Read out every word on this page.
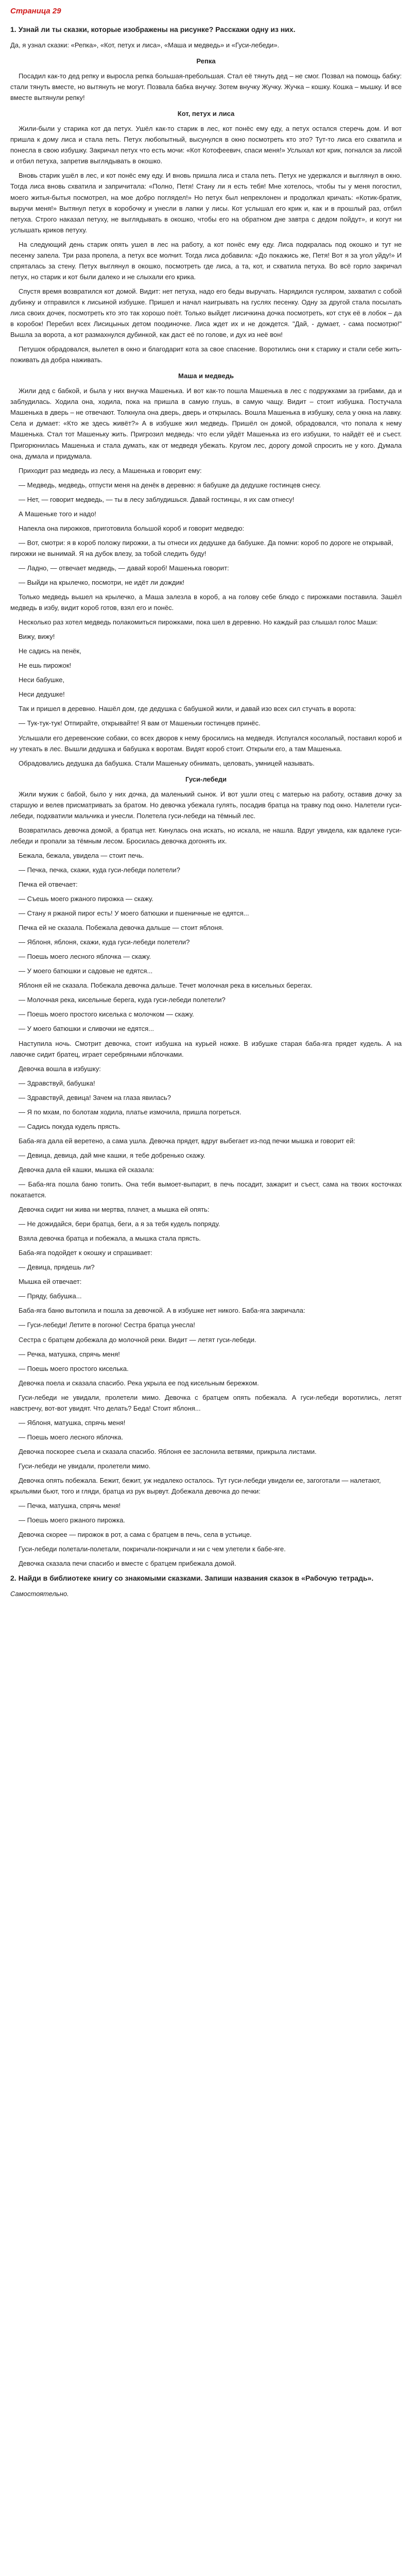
Страница 29
1. Узнай ли ты сказки, которые изображены на рисунке? Расскажи одну из них.
Да, я узнал сказки: «Репка», «Кот, петух и лиса», «Маша и медведь» и «Гуси-лебеди».
Репка

Посадил как-то дед репку и выросла репка большая-пребольшая. Стал её тянуть дед – не смог. Позвал на помощь бабку: стали тянуть вместе, но вытянуть не могут. Позвала бабка внучку. Зотем внучку Жучку. Жучка – кошку. Кошка – мышку. И все вместе вытянули репку!

Кот, петух и лиса

Жили-были у старика кот да петух. Ушёл как-то старик в лес, кот понёс ему еду, а петух остался стеречь дом. И вот пришла к дому лиса и стала петь. Петух любопытный, высунулся в окно посмотреть кто это? Тут-то лиса его схватила и понесла в свою избушку. Закричал петух что есть мочи: «Кот Котофеевич, спаси меня!» Услыхал кот крик, погнался за лисой и отбил петуха, запретив выглядывать в окошко.

Вновь старик ушёл в лес, и кот понёс ему еду. И вновь пришла лиса и стала петь. Петух не удержался и выглянул в окно. Тогда лиса вновь схватила и запричитала: «Полно, Петя! Стану ли я есть тебя! Мне хотелось, чтобы ты у меня погостил, моего житья-бытья посмотрел, на мое добро поглядел!» Но петух был непреклонен и продолжал кричать: «Котик-братик, выручи меня!» Вытянул петух в коробочку и унесли в лапки у лисы. Кот услышал его крик и, как и в прошлый раз, отбил петуха. Строго наказал петуху, не выглядывать в окошко, чтобы его на обратном дне завтра с дедом пойдут», и когут ни услышать криков петуху.

На следующий день старик опять ушел в лес на работу, а кот понёс ему еду. Лиса подкралась под окошко и тут не песенку запела. Три раза пропела, а петух все молчит. Тогда лиса добавила: «До покажись же, Петя! Вот я за угол уйду!» И спряталась за стену. Петух выглянул в окошко, посмотреть где лиса, а та, кот, и схватила петуха. Во всё горло закричал петух, но старик и кот были далеко и не слыхали его крика.

Спустя время возвратился кот домой. Видит: нет петуха, надо его беды выручать. Нарядился гусляром, захватил с собой дубинку и отправился к лисьиной избушке. Пришел и начал наигрывать на гуслях песенку. Одну за другой стала посылать лиса своих дочек, посмотреть кто это так хорошо поёт. Только выйдет лисичкина дочка посмотреть, кот стук её в лобок – да в коробок! Перебил всех Лисицыных детом поодиночке. Лиса ждет их и не дождется. "Дай, - думает, - сама посмотрю!" Вышла за ворота, а кот размахнулся дубинкой, как даст её по голове, и дух из неё вон!

Петушок обрадовался, вылетел в окно и благодарит кота за свое спасение. Воротились они к старику и стали себе жить-поживать да добра наживать.

Маша и медведь

Жили дед с бабкой, и была у них внучка Машенька. И вот как-то пошла Машенька в лес с подружками за грибами, да и заблудилась. Ходила она, ходила, пока на пришла в самую глушь, в самую чащу. Видит – стоит избушка. Постучала Машенька в дверь – не отвечают. Толкнула она дверь, дверь и открылась. Вошла Машенька в избушку, села у окна на лавку. Села и думает: «Кто же здесь живёт?» А в избушке жил медведь. Пришёл он домой, обрадовался, что попала к нему Машенька. Стал тот Машеньку жить. Пригрозил медведь: что если уйдёт Машенька из его избушки, то найдёт её и съест. Пригорюнилась Машенька и стала думать, как от медведя убежать. Кругом лес, дорогу домой спросить не у кого. Думала она, думала и придумала.

Приходит раз медведь из лесу, а Машенька и говорит ему:

— Медведь, медведь, отпусти меня на денёк в деревню: я бабушке да дедушке гостинцев снесу.

— Нет, — говорит медведь, — ты в лесу заблудишься. Давай гостинцы, я их сам отнесу!

А Машеньке того и надо!

Напекла она пирожков, приготовила большой короб и говорит медведю:

— Вот, смотри: я в короб положу пирожки, а ты отнеси их дедушке да бабушке. Да помни: короб по дороге не открывай, пирожки не вынимай. Я на дубок влезу, за тобой следить буду!

— Ладно, — отвечает медведь, — давай короб! Машенька говорит:

— Выйди на крылечко, посмотри, не идёт ли дождик!

Только медведь вышел на крылечко, а Маша залезла в короб, а на голову себе блюдо с пирожками поставила. Зашёл медведь в избу, видит короб готов, взял его и понёс.

Несколько раз хотел медведь полакомиться пирожками, пока шел в деревню. Но каждый раз слышал голос Маши:

Вижу, вижу!

Не садись на пенёк,

Не ешь пирожок!

Неси бабушке,

Неси дедушке!

Так и пришел в деревню. Нашёл дом, где дедушка с бабушкой жили, и давай изо всех сил стучать в ворота:

— Тук-тук-тук! Отпирайте, открывайте! Я вам от Машеньки гостинцев принёс.

Услышали его деревенские собаки, со всех дворов к нему бросились на медведя. Испугался косолапый, поставил короб и ну утекать в лес. Вышли дедушка и бабушка к воротам. Видят короб стоит. Открыли его, а там Машенька.

Обрадовались дедушка да бабушка. Стали Машеньку обнимать, целовать, умницей называть.

Гуси-лебеди

Жили мужик с бабой, было у них дочка, да маленький сынок. И вот ушли отец с матерью на работу, оставив дочку за старшую и велев присматривать за братом. Но девочка убежала гулять, посадив братца на травку под окно. Налетели гуси-лебеди, подхватили мальчика и унесли. Полетела гуси-лебеди на тёмный лес.

Возвратилась девочка домой, а братца нет. Кинулась она искать, но искала, не нашла. Вдруг увидела, как вдалеке гуси-лебеди и пропали за тёмным лесом. Бросилась девочка догонять их.

Бежала, бежала, увидела — стоит печь.

— Печка, печка, скажи, куда гуси-лебеди полетели?

Печка ей отвечает:

— Съешь моего ржаного пирожка — скажу.

— Стану я ржаной пирог есть! У моего батюшки и пшеничные не едятся...

Печка ей не сказала. Побежала девочка дальше — стоит яблоня.

— Яблоня, яблоня, скажи, куда гуси-лебеди полетели?

— Поешь моего лесного яблочка — скажу.

— У моего батюшки и садовые не едятся...

Яблоня ей не сказала. Побежала девочка дальше. Течет молочная река в кисельных берегах.

— Молочная река, кисельные берега, куда гуси-лебеди полетели?

— Поешь моего простого киселька с молочком — скажу.

— У моего батюшки и сливочки не едятся...

Наступила ночь. Смотрит девочка, стоит избушка на курьей ножке. В избушке старая баба-яга прядет кудель. А на лавочке сидит братец, играет серебряными яблочками.

Девочка вошла в избушку:

— Здравствуй, бабушка!

— Здравствуй, девица! Зачем на глаза явилась?

— Я по мхам, по болотам ходила, платье измочила, пришла погреться.

— Садись покуда кудель прясть.

Баба-яга дала ей веретено, а сама ушла. Девочка прядет, вдруг выбегает из-под печки мышка и говорит ей:

— Девица, девица, дай мне кашки, я тебе добренько скажу.

Девочка дала ей кашки, мышка ей сказала:

— Баба-яга пошла баню топить. Она тебя вымоет-выпарит, в печь посадит, зажарит и съест, сама на твоих косточках покатается.

Девочка сидит ни жива ни мертва, плачет, а мышка ей опять:

— Не дожидайся, бери братца, беги, а я за тебя кудель попряду.

Взяла девочка братца и побежала, а мышка стала прясть.

Баба-яга подойдет к окошку и спрашивает:

— Девица, прядешь ли?

Мышка ей отвечает:

— Пряду, бабушка...

Баба-яга баню вытопила и пошла за девочкой. А в избушке нет никого. Баба-яга закричала:

— Гуси-лебеди! Летите в погоню! Сестра братца унесла!

Сестра с братцем добежала до молочной реки. Видит — летят гуси-лебеди.

— Речка, матушка, спрячь меня!

— Поешь моего простого киселька.

Девочка поела и сказала спасибо. Река укрыла ее под кисельным бережком.

Гуси-лебеди не увидали, пролетели мимо. Девочка с братцем опять побежала. А гуси-лебеди воротились, летят навстречу, вот-вот увидят. Что делать? Беда! Стоит яблоня...

— Яблоня, матушка, спрячь меня!

— Поешь моего лесного яблочка.

Девочка поскорее съела и сказала спасибо. Яблоня ее заслонила ветвями, прикрыла листами.

Гуси-лебеди не увидали, пролетели мимо.

Девочка опять побежала. Бежит, бежит, уж недалеко осталось. Тут гуси-лебеди увидели ее, загоготали — налетают, крыльями бьют, того и гляди, братца из рук вырвут. Добежала девочка до печки:

— Печка, матушка, спрячь меня!

— Поешь моего ржаного пирожка.

Девочка скорее — пирожок в рот, а сама с братцем в печь, села в устьице.

Гуси-лебеди полетали-полетали, покричали-покричали и ни с чем улетели к бабе-яге.

Девочка сказала печи спасибо и вместе с братцем прибежала домой.

2. Найди в библиотеке книгу со знакомыми сказками. Запиши названия сказок в «Рабочую тетрадь».
Самостоятельно.
